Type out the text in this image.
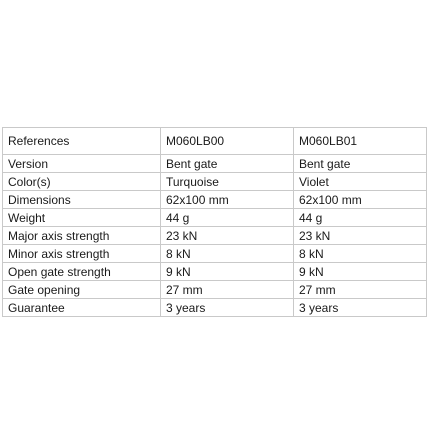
References	M060LB00	M060LB01
Version	Bent gate	Bent gate
Color(s)	Turquoise	Violet
Dimensions	62x100 mm	62x100 mm
Weight	44 g	44 g
Major axis strength	23 kN	23 kN
Minor axis strength	8 kN	8 kN
Open gate strength	9 kN	9 kN
Gate opening	27 mm	27 mm
Guarantee	3 years	3 years
